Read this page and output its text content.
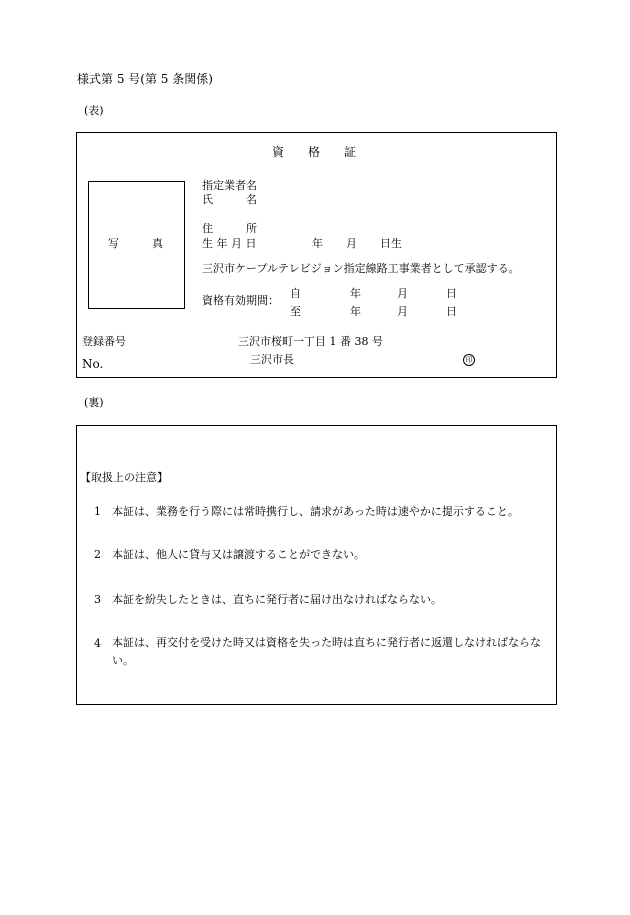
様式第 5 号(第 5 条関係)
(表)
資　　格　　証
写　　　真
指定業者名
氏　　　名
住　　　所
生 年 月 日	年 月 日生
三沢市ケーブルテレビジョン指定線路工事業者として承認する。
資格有効期間：
自	年	月	日
至	年	月	日
登録番号
No.
三沢市桜町一丁目 1 番 38 号
三沢市長	印
(裏)
【取扱上の注意】
1 本証は、業務を行う際には常時携行し、請求があった時は速やかに提示すること。
2 本証は、他人に貸与又は譲渡することができない。
3 本証を紛失したときは、直ちに発行者に届け出なければならない。
4 本証は、再交付を受けた時又は資格を失った時は直ちに発行者に返還しなければならない。
